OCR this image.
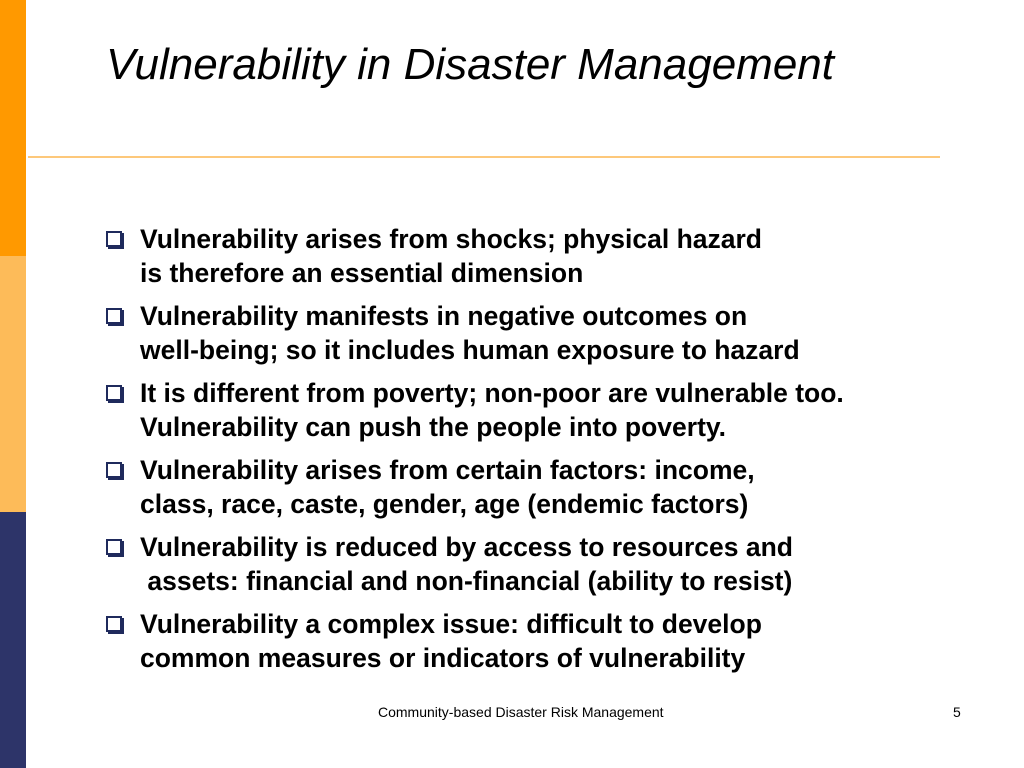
Vulnerability in Disaster Management
Vulnerability arises from shocks; physical hazard
is therefore an essential dimension
Vulnerability manifests in negative outcomes on
well-being; so it includes human exposure to hazard
It is different from poverty; non-poor are vulnerable too.
Vulnerability can push the people into poverty.
Vulnerability arises from certain factors: income,
class, race, caste, gender, age (endemic factors)
Vulnerability is reduced by access to resources and
assets: financial and non-financial (ability to resist)
Vulnerability a complex issue: difficult to develop
common measures or indicators of vulnerability
Community-based Disaster Risk Management	5
